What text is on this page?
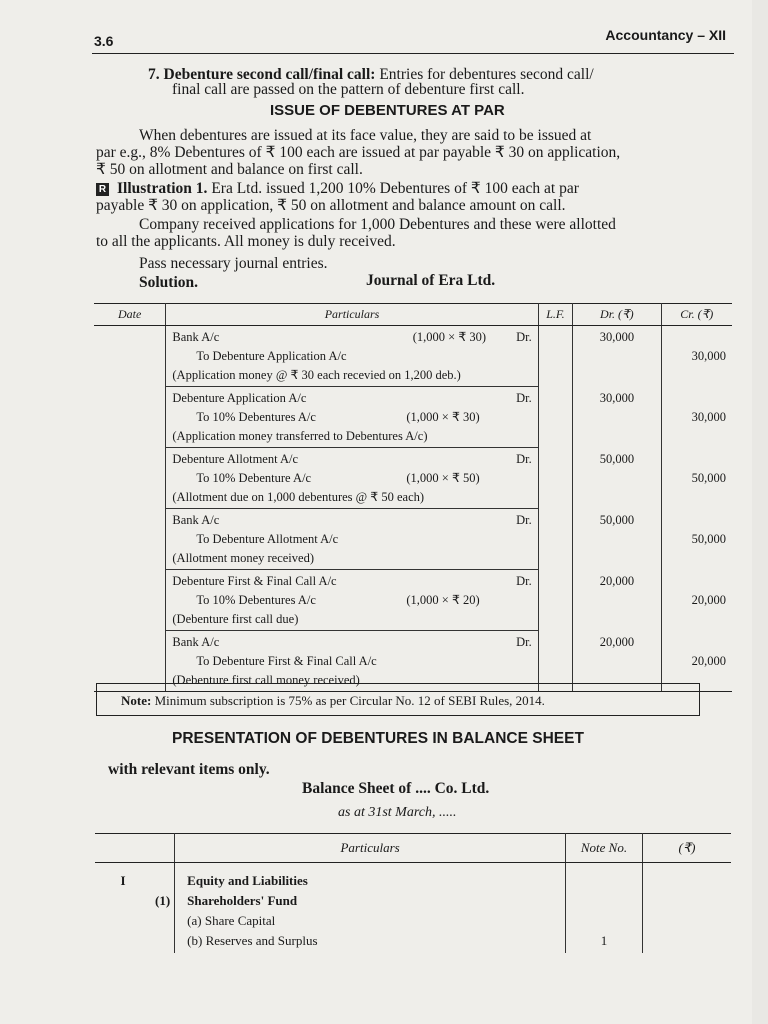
3.6	Accountancy – XII
7. Debenture second call/final call: Entries for debentures second call/
final call are passed on the pattern of debenture first call.
ISSUE OF DEBENTURES AT PAR
When debentures are issued at its face value, they are said to be issued at
par e.g., 8% Debentures of ₹ 100 each are issued at par payable ₹ 30 on application,
₹ 50 on allotment and balance on first call.
R Illustration 1. Era Ltd. issued 1,200 10% Debentures of ₹ 100 each at par
payable ₹ 30 on application, ₹ 50 on allotment and balance amount on call.
Company received applications for 1,000 Debentures and these were allotted
to all the applicants. All money is duly received.
Pass necessary journal entries.
Solution.	Journal of Era Ltd.
Date	Particulars	L.F.	Dr. (₹)	Cr. (₹)

	Bank A/c (1,000 × ₹ 30) Dr.
To Debenture Application A/c
(Application money @ ₹ 30 each recevied on 1,200 deb.)		30,000	30,000

	Debenture Application A/c Dr.
To 10% Debentures A/c (1,000 × ₹ 30)
(Application money transferred to Debentures A/c)		30,000	30,000

	Debenture Allotment A/c Dr.
To 10% Debenture A/c (1,000 × ₹ 50)
(Allotment due on 1,000 debentures @ ₹ 50 each)		50,000	50,000

	Bank A/c Dr.
To Debenture Allotment A/c
(Allotment money received)		50,000	50,000

	Debenture First & Final Call A/c Dr.
To 10% Debentures A/c (1,000 × ₹ 20)
(Debenture first call due)		20,000	20,000

	Bank A/c Dr.
To Debenture First & Final Call A/c
(Debenture first call money received)		20,000	20,000
Note: Minimum subscription is 75% as per Circular No. 12 of SEBI Rules, 2014.
PRESENTATION OF DEBENTURES IN BALANCE SHEET
with relevant items only.
Balance Sheet of .... Co. Ltd.
as at 31st March, .....
		Particulars	Note No.	(₹)
I		Equity and Liabilities		
	(1)	Shareholders' Fund		
		(a) Share Capital		
		(b) Reserves and Surplus	1	
